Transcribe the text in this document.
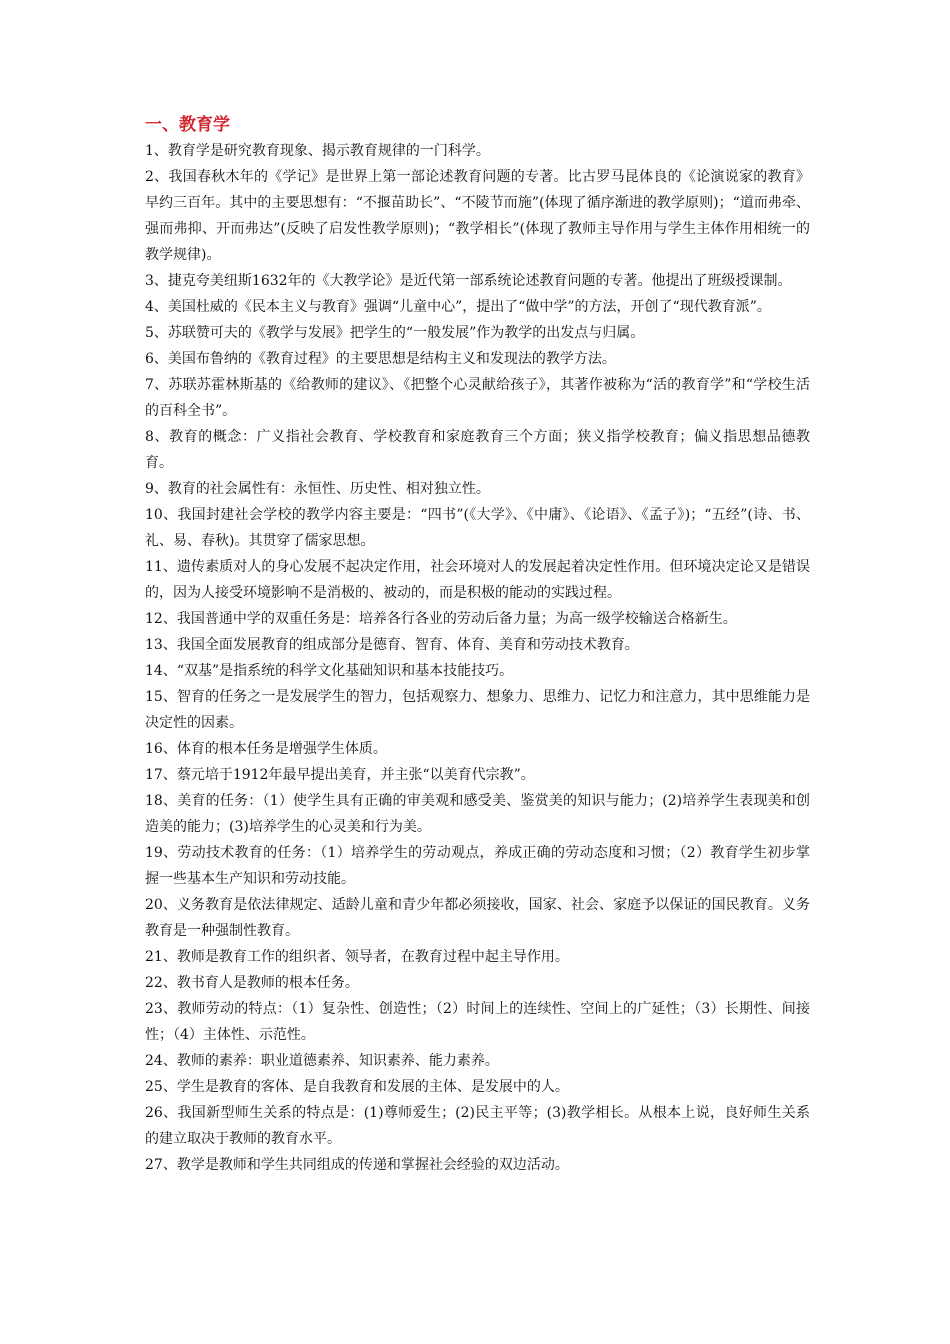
一、教育学
1、教育学是研究教育现象、揭示教育规律的一门科学。
2、我国春秋木年的《学记》是世界上第一部论述教育问题的专著。比古罗马昆体良的《论演说家的教育》早约三百年。其中的主要思想有：“不揠苗助长”、“不陵节而施”(体现了循序渐进的教学原则)；“道而弗牵、强而弗抑、开而弗达”(反映了启发性教学原则)；“教学相长”(体现了教师主导作用与学生主体作用相统一的教学规律)。
3、捷克夸美纽斯1632年的《大教学论》是近代第一部系统论述教育问题的专著。他提出了班级授课制。
4、美国杜威的《民本主义与教育》强调“儿童中心”，提出了“做中学”的方法，开创了“现代教育派”。
5、苏联赞可夫的《教学与发展》把学生的“一般发展”作为教学的出发点与归属。
6、美国布鲁纳的《教育过程》的主要思想是结构主义和发现法的教学方法。
7、苏联苏霍林斯基的《给教师的建议》、《把整个心灵献给孩子》，其著作被称为“活的教育学”和“学校生活的百科全书”。
8、教育的概念：广义指社会教育、学校教育和家庭教育三个方面；狭义指学校教育；偏义指思想品德教育。
9、教育的社会属性有：永恒性、历史性、相对独立性。
10、我国封建社会学校的教学内容主要是：“四书”(《大学》、《中庸》、《论语》、《孟子》)；“五经”(诗、书、礼、易、春秋)。其贯穿了儒家思想。
11、遗传素质对人的身心发展不起决定作用，社会环境对人的发展起着决定性作用。但环境决定论又是错误的，因为人接受环境影响不是消极的、被动的，而是积极的能动的实践过程。
12、我国普通中学的双重任务是：培养各行各业的劳动后备力量；为高一级学校输送合格新生。
13、我国全面发展教育的组成部分是德育、智育、体育、美育和劳动技术教育。
14、“双基”是指系统的科学文化基础知识和基本技能技巧。
15、智育的任务之一是发展学生的智力，包括观察力、想象力、思维力、记忆力和注意力，其中思维能力是决定性的因素。
16、体育的根本任务是增强学生体质。
17、蔡元培于1912年最早提出美育，并主张“以美育代宗教”。
18、美育的任务：（1）使学生具有正确的审美观和感受美、鉴赏美的知识与能力；(2)培养学生表现美和创造美的能力；(3)培养学生的心灵美和行为美。
19、劳动技术教育的任务：（1）培养学生的劳动观点，养成正确的劳动态度和习惯；（2）教育学生初步掌握一些基本生产知识和劳动技能。
20、义务教育是依法律规定、适龄儿童和青少年都必须接收，国家、社会、家庭予以保证的国民教育。义务教育是一种强制性教育。
21、教师是教育工作的组织者、领导者，在教育过程中起主导作用。
22、教书育人是教师的根本任务。
23、教师劳动的特点：（1）复杂性、创造性；（2）时间上的连续性、空间上的广延性；（3）长期性、间接性；（4）主体性、示范性。
24、教师的素养：职业道德素养、知识素养、能力素养。
25、学生是教育的客体、是自我教育和发展的主体、是发展中的人。
26、我国新型师生关系的特点是：(1)尊师爱生；(2)民主平等；(3)教学相长。从根本上说，良好师生关系的建立取决于教师的教育水平。
27、教学是教师和学生共同组成的传递和掌握社会经验的双边活动。
